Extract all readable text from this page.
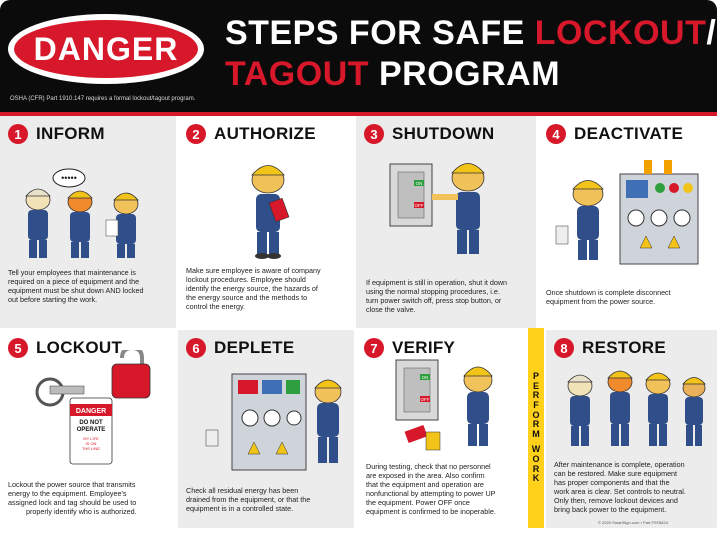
DANGER STEPS FOR SAFE LOCKOUT/
TAGOUT PROGRAM
OSHA (CFR) Part 1910.147 requires a formal lockout/tagout program.
1 INFORM
•••••
Tell your employees that maintenance is
required on a piece of equipment and the
equipment must be shut down AND locked
out before starting the work.
2 AUTHORIZE
Make sure employee is aware of company
lockout procedures. Employee should
identify the energy source, the hazards of
the energy source and the methods to
control the energy.
3 SHUTDOWN
ON
OFF
If equipment is still in operation, shut it down
using the normal stopping procedures, i.e.
turn power switch off, press stop button, or
close the valve.
4 DEACTIVATE
Once shutdown is complete disconnect
equipment from the power source.
5 LOCKOUT
DANGER
DO NOT
OPERATE
MY LIFE
IS ON
THE LINE
Lockout the power source that transmits
energy to the equipment. Employee's
assigned lock and tag should be used to
properly identify who is authorized.
6 DEPLETE
Check all residual energy has been
drained from the equipment, or that the
equipment is in a controlled state.
7 VERIFY
ON
OFF
During testing, check that no personnel
are exposed in the area. Also confirm
that the equipment and operation are
nonfunctional by attempting to power UP
the equipment. Power OFF once
equipment is confirmed to be inoperable.
P
E
R
F
O
R
M
W
O
R
K
8 RESTORE
After maintenance is complete, operation
can be restored. Make sure equipment
has proper components and that the
work area is clear. Set controls to neutral.
Only then, remove lockout devices and
bring back power to the equipment.
© 2020 SmartSign.com • Part FSF8624
